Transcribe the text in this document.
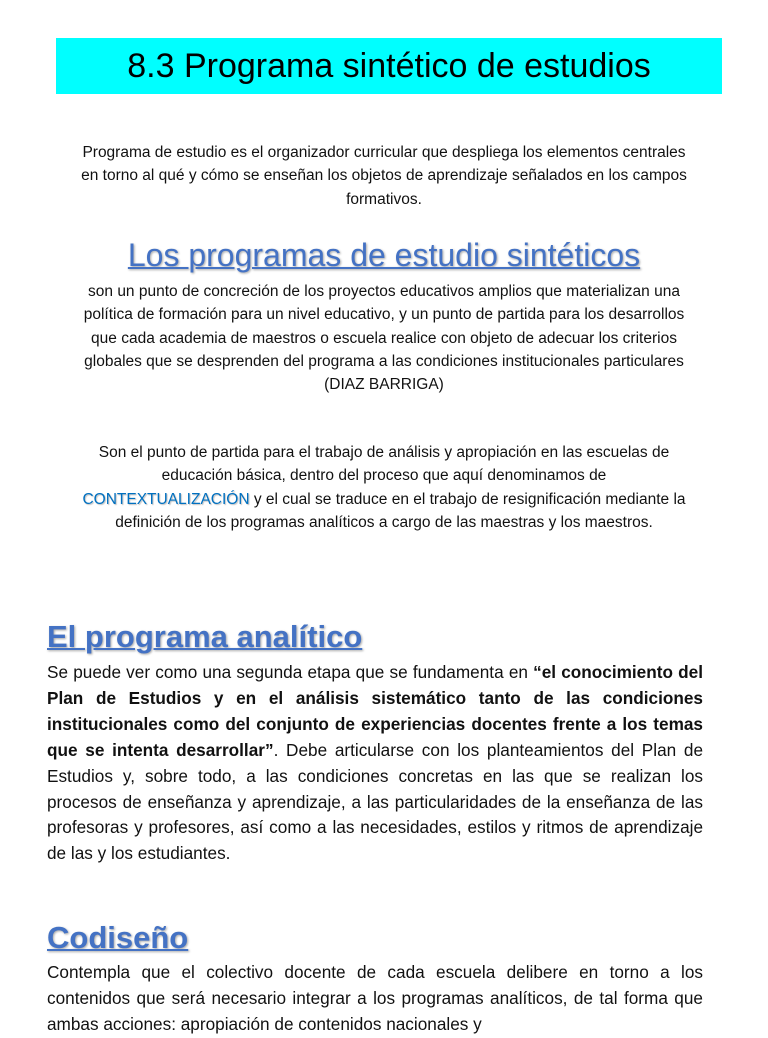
8.3 Programa sintético de estudios
Programa de estudio es el organizador curricular que despliega los elementos centrales en torno al qué y cómo se enseñan los objetos de aprendizaje señalados en los campos formativos.
Los programas de estudio sintéticos
son un punto de concreción de los proyectos educativos amplios que materializan una política de formación para un nivel educativo, y un punto de partida para los desarrollos que cada academia de maestros o escuela realice con objeto de adecuar los criterios globales que se desprenden del programa a las condiciones institucionales particulares (DIAZ BARRIGA)
Son el punto de partida para el trabajo de análisis y apropiación en las escuelas de educación básica, dentro del proceso que aquí denominamos de CONTEXTUALIZACIÓN y el cual se traduce en el trabajo de resignificación mediante la definición de los programas analíticos a cargo de las maestras y los maestros.
El programa analítico
Se puede ver como una segunda etapa que se fundamenta en “el conocimiento del Plan de Estudios y en el análisis sistemático tanto de las condiciones institucionales como del conjunto de experiencias docentes frente a los temas que se intenta desarrollar”. Debe articularse con los planteamientos del Plan de Estudios y, sobre todo, a las condiciones concretas en las que se realizan los procesos de enseñanza y aprendizaje, a las particularidades de la enseñanza de las profesoras y profesores, así como a las necesidades, estilos y ritmos de aprendizaje de las y los estudiantes.
Codiseño
Contempla que el colectivo docente de cada escuela delibere en torno a los contenidos que será necesario integrar a los programas analíticos, de tal forma que ambas acciones: apropiación de contenidos nacionales y
